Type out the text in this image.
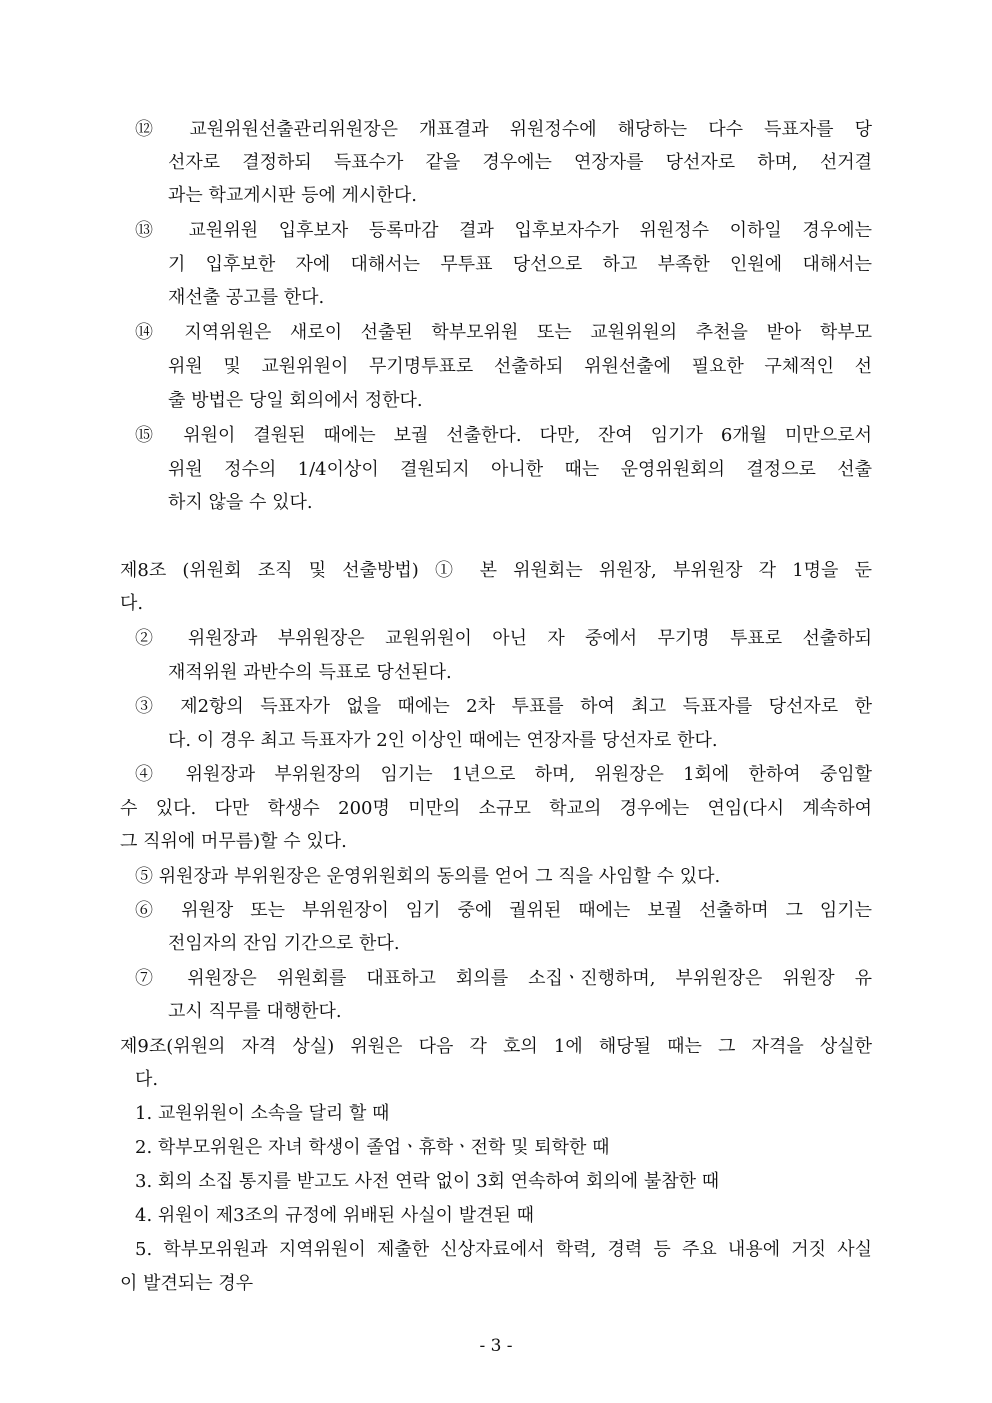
⑫ 교원위원선출관리위원장은 개표결과 위원정수에 해당하는 다수 득표자를 당
선자로 결정하되 득표수가 같을 경우에는 연장자를 당선자로 하며, 선거결
과는 학교게시판 등에 게시한다.
⑬ 교원위원 입후보자 등록마감 결과 입후보자수가 위원정수 이하일 경우에는
기 입후보한 자에 대해서는 무투표 당선으로 하고 부족한 인원에 대해서는
재선출 공고를 한다.
⑭ 지역위원은 새로이 선출된 학부모위원 또는 교원위원의 추천을 받아 학부모
위원 및 교원위원이 무기명투표로 선출하되 위원선출에 필요한 구체적인 선
출 방법은 당일 회의에서 정한다.
⑮ 위원이 결원된 때에는 보궐 선출한다. 다만, 잔여 임기가 6개월 미만으로서
위원 정수의 1/4이상이 결원되지 아니한 때는 운영위원회의 결정으로 선출
하지 않을 수 있다.
제8조 (위원회 조직 및 선출방법) ① 본 위원회는 위원장, 부위원장 각 1명을 둔
다.
② 위원장과 부위원장은 교원위원이 아닌 자 중에서 무기명 투표로 선출하되
재적위원 과반수의 득표로 당선된다.
③ 제2항의 득표자가 없을 때에는 2차 투표를 하여 최고 득표자를 당선자로 한
다. 이 경우 최고 득표자가 2인 이상인 때에는 연장자를 당선자로 한다.
④ 위원장과 부위원장의 임기는 1년으로 하며, 위원장은 1회에 한하여 중임할
수 있다. 다만 학생수 200명 미만의 소규모 학교의 경우에는 연임(다시 계속하여
그 직위에 머무름)할 수 있다.
⑤ 위원장과 부위원장은 운영위원회의 동의를 얻어 그 직을 사임할 수 있다.
⑥ 위원장 또는 부위원장이 임기 중에 궐위된 때에는 보궐 선출하며 그 임기는
전임자의 잔임 기간으로 한다.
⑦ 위원장은 위원회를 대표하고 회의를 소집ㆍ진행하며, 부위원장은 위원장 유
고시 직무를 대행한다.
제9조(위원의 자격 상실) 위원은 다음 각 호의 1에 해당될 때는 그 자격을 상실한
다.
1. 교원위원이 소속을 달리 할 때
2. 학부모위원은 자녀 학생이 졸업ㆍ휴학ㆍ전학 및 퇴학한 때
3. 회의 소집 통지를 받고도 사전 연락 없이 3회 연속하여 회의에 불참한 때
4. 위원이 제3조의 규정에 위배된 사실이 발견된 때
5. 학부모위원과 지역위원이 제출한 신상자료에서 학력, 경력 등 주요 내용에 거짓 사실
이 발견되는 경우
- 3 -
